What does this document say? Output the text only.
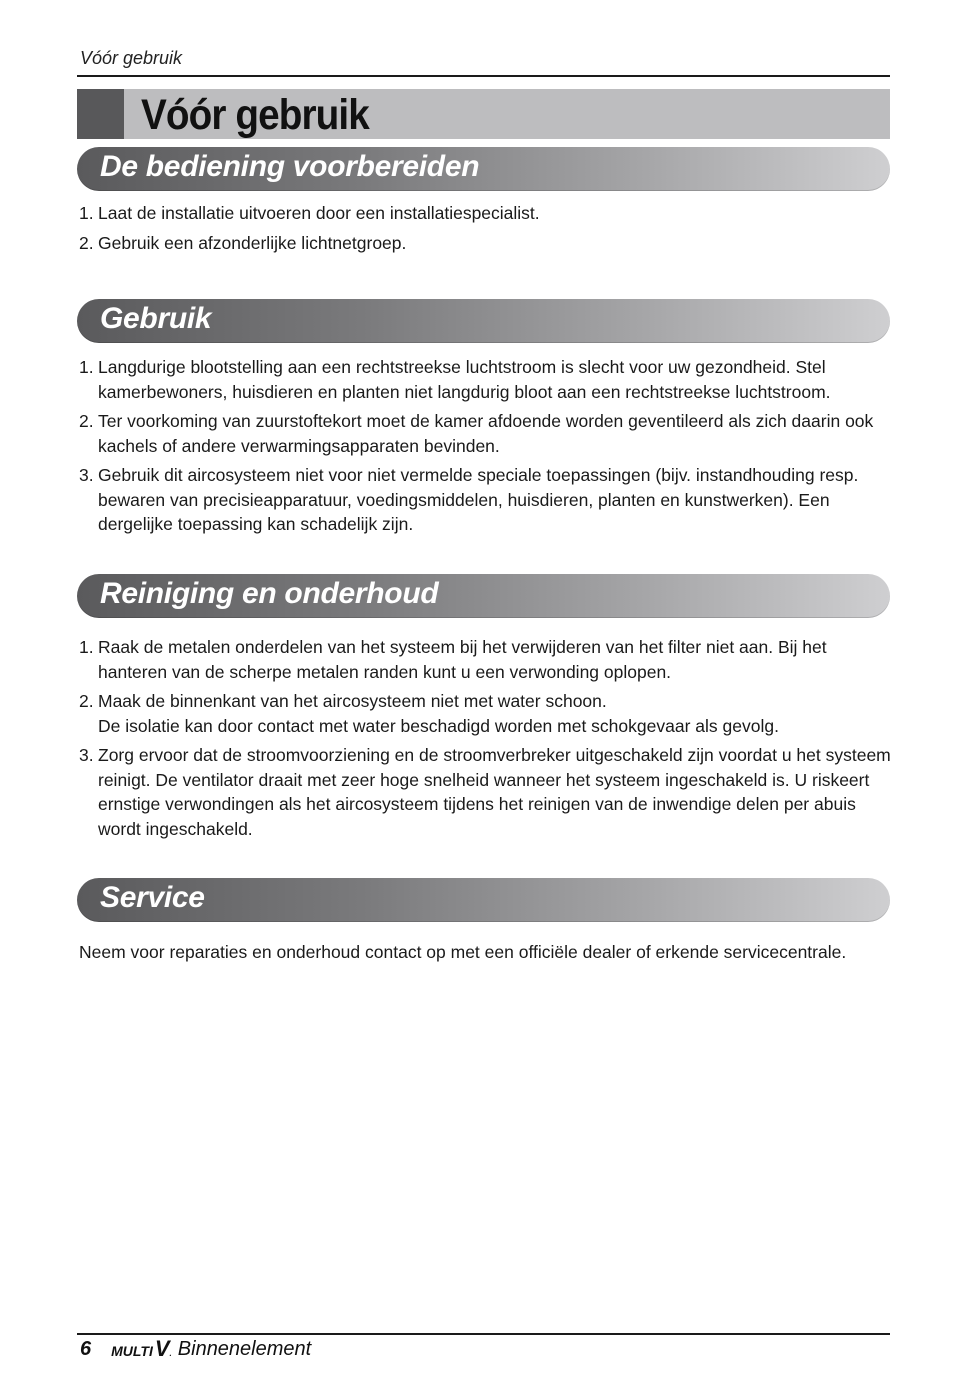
Vóór gebruik
Vóór gebruik
De bediening voorbereiden
1. Laat de installatie uitvoeren door een installatiespecialist.
2. Gebruik een afzonderlijke lichtnetgroep.
Gebruik
1. Langdurige blootstelling aan een rechtstreekse luchtstroom is slecht voor uw gezondheid. Stel kamerbewoners, huisdieren en planten niet langdurig bloot aan een rechtstreekse luchtstroom.
2. Ter voorkoming van zuurstoftekort moet de kamer afdoende worden geventileerd als zich daarin ook kachels of andere verwarmingsapparaten bevinden.
3. Gebruik dit aircosysteem niet voor niet vermelde speciale toepassingen (bijv. instandhouding resp. bewaren van precisieapparatuur, voedingsmiddelen, huisdieren, planten en kunstwerken). Een dergelijke toepassing kan schadelijk zijn.
Reiniging en onderhoud
1. Raak de metalen onderdelen van het systeem bij het verwijderen van het filter niet aan. Bij het hanteren van de scherpe metalen randen kunt u een verwonding oplopen.
2. Maak de binnenkant van het aircosysteem niet met water schoon.
De isolatie kan door contact met water beschadigd worden met schokgevaar als gevolg.
3. Zorg ervoor dat de stroomvoorziening en de stroomverbreker uitgeschakeld zijn voordat u het systeem reinigt. De ventilator draait met zeer hoge snelheid wanneer het systeem ingeschakeld is. U riskeert ernstige verwondingen als het aircosysteem tijdens het reinigen van de inwendige delen per abuis wordt ingeschakeld.
Service
Neem voor reparaties en onderhoud contact op met een officiële dealer of erkende servicecentrale.
6 MULTI V . Binnenelement
